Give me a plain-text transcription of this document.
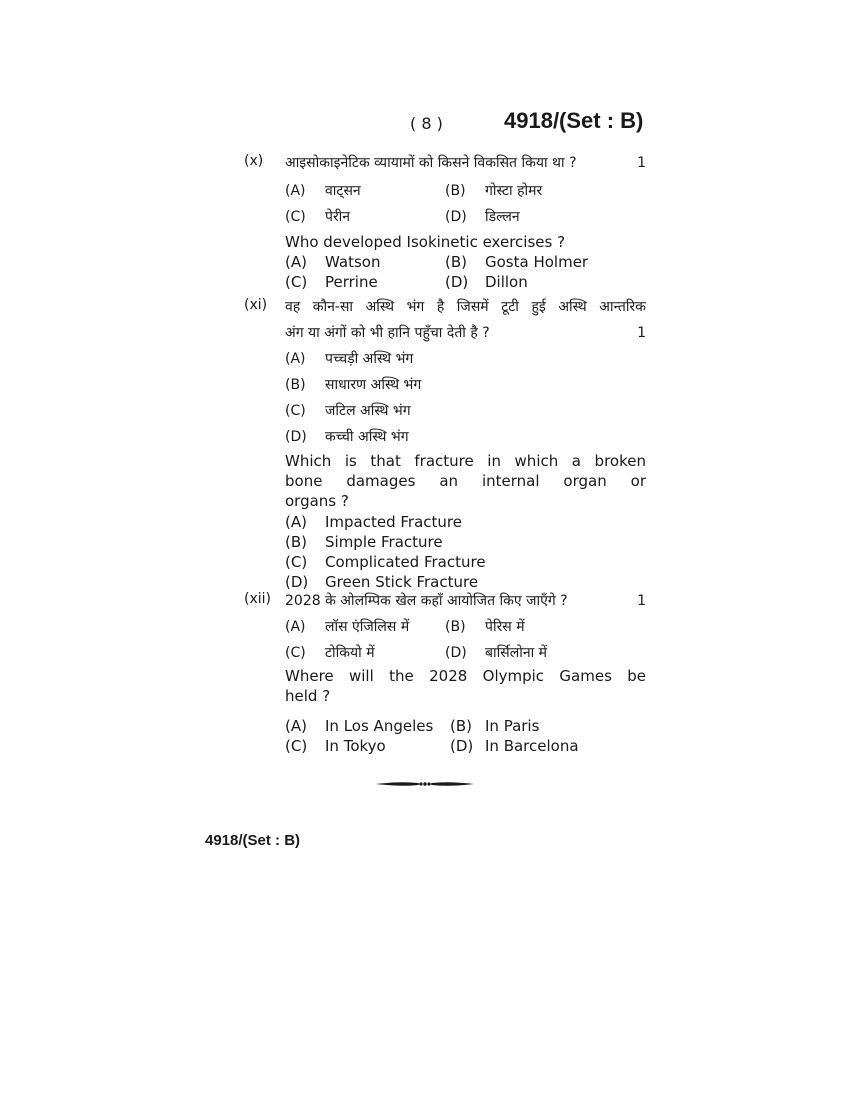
( 8 )	4918/(Set : B)
(x) आइसोकाइनेटिक व्यायामों को किसने विकसित किया था ?	1
(A) वाट्सन	(B) गोस्टा होमर
(C) पेरीन	(D) डिल्लन
Who developed Isokinetic exercises ?
(A) Watson	(B) Gosta Holmer
(C) Perrine	(D) Dillon
(xi) वह कौन-सा अस्थि भंग है जिसमें टूटी हुई अस्थि आन्तरिक
अंग या अंगों को भी हानि पहुँचा देती है ?	1
(A) पच्चड़ी अस्थि भंग
(B) साधारण अस्थि भंग
(C) जटिल अस्थि भंग
(D) कच्ची अस्थि भंग
Which is that fracture in which a broken
bone damages an internal organ or
organs ?
(A) Impacted Fracture
(B) Simple Fracture
(C) Complicated Fracture
(D) Green Stick Fracture
(xii) 2028 के ओलम्पिक खेल कहाँ आयोजित किए जाएँगे ?	1
(A) लॉस एंजिलिस में	(B) पेरिस में
(C) टोकियो में	(D) बार्सिलोना में
Where will the 2028 Olympic Games be
held ?
(A) In Los Angeles (B) In Paris
(C) In Tokyo	(D) In Barcelona
4918/(Set : B)
